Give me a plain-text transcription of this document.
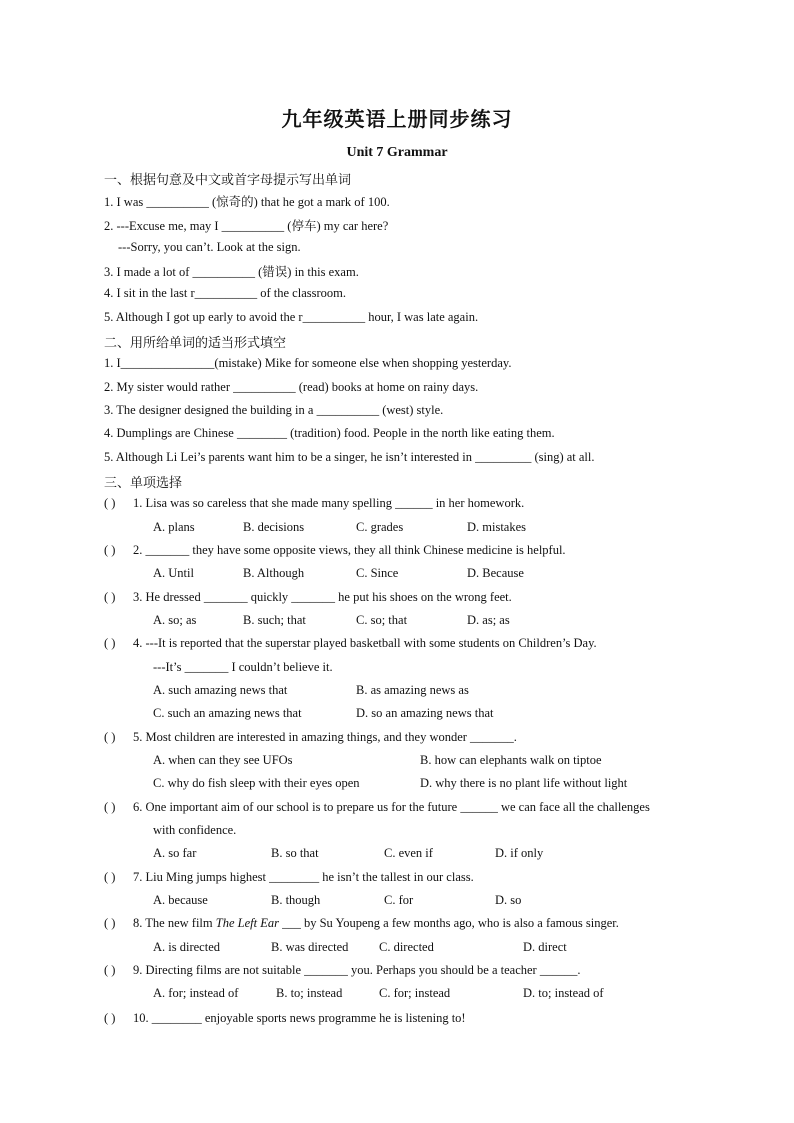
九年级英语上册同步练习
Unit 7 Grammar
一、根据句意及中文或首字母提示写出单词
1. I was __________ (惊奇的) that he got a mark of 100.
2. ---Excuse me, may I __________ (停车) my car here?
---Sorry, you can’t. Look at the sign.
3. I made a lot of __________ (错误) in this exam.
4. I sit in the last r__________ of the classroom.
5. Although I got up early to avoid the r__________ hour, I was late again.
二、用所给单词的适当形式填空
1. I_______________(mistake) Mike for someone else when shopping yesterday.
2. My sister would rather __________ (read) books at home on rainy days.
3. The designer designed the building in a __________ (west) style.
4. Dumplings are Chinese ________ (tradition) food. People in the north like eating them.
5. Although Li Lei’s parents want him to be a singer, he isn’t interested in _________ (sing) at all.
三、单项选择
( ) 1. Lisa was so careless that she made many spelling ______ in her homework.
A. plans	B. decisions	C. grades	D. mistakes
( ) 2. _______ they have some opposite views, they all think Chinese medicine is helpful.
A. Until	B. Although	C. Since	D. Because
( ) 3. He dressed _______ quickly _______ he put his shoes on the wrong feet.
A. so; as	B. such; that	C. so; that	D. as; as
( ) 4. ---It is reported that the superstar played basketball with some students on Children’s Day.
---It’s _______ I couldn’t believe it.
A. such amazing news that	B. as amazing news as
C. such an amazing news that	D. so an amazing news that
( ) 5. Most children are interested in amazing things, and they wonder _______.
A. when can they see UFOs	B. how can elephants walk on tiptoe
C. why do fish sleep with their eyes open	D. why there is no plant life without light
( ) 6. One important aim of our school is to prepare us for the future ______ we can face all the challenges
with confidence.
A. so far	B. so that	C. even if	D. if only
( ) 7. Liu Ming jumps highest ________ he isn’t the tallest in our class.
A. because	B. though	C. for	D. so
( ) 8. The new film The Left Ear ___ by Su Youpeng a few months ago, who is also a famous singer.
A. is directed	B. was directed C. directed	D. direct
( ) 9. Directing films are not suitable _______ you. Perhaps you should be a teacher ______.
A. for; instead of	B. to; instead	C. for; instead	D. to; instead of
( ) 10. ________ enjoyable sports news programme he is listening to!
